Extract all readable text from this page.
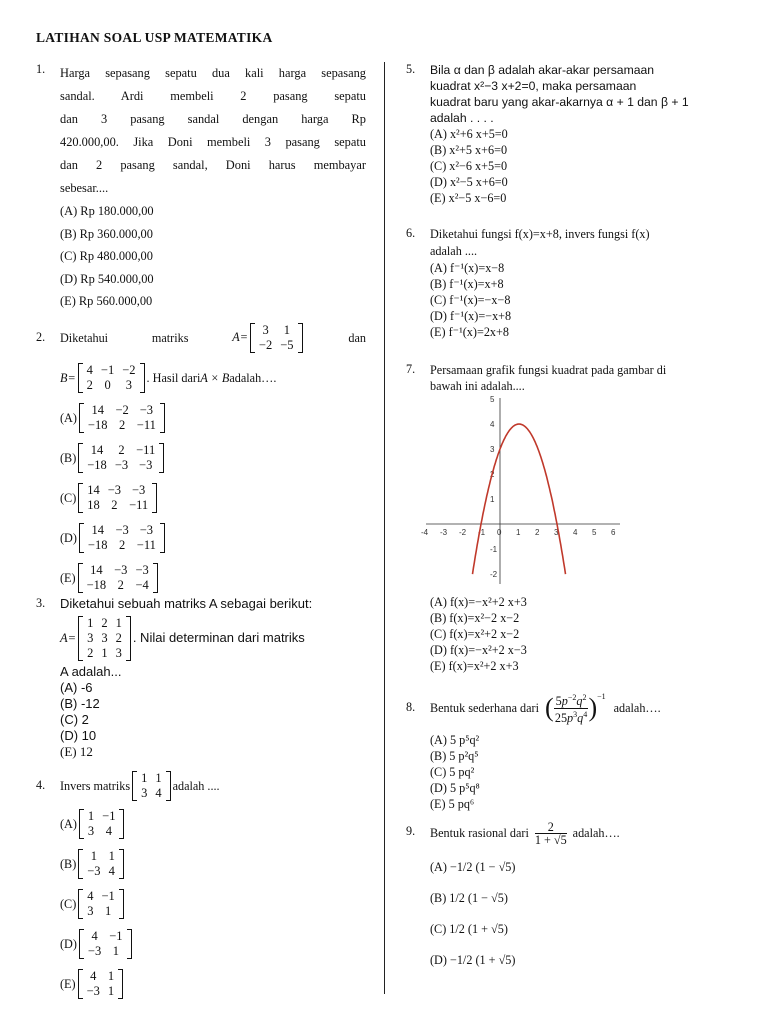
LATIHAN SOAL USP MATEMATIKA
1. Harga sepasang sepatu dua kali harga sepasang
sandal. Ardi membeli 2 pasang sepatu
dan 3 pasang sandal dengan harga Rp
420.000,00. Jika Doni membeli 3 pasang sepatu
dan 2 pasang sandal, Doni harus membayar
sebesar....
(A) Rp 180.000,00
(B) Rp 360.000,00
(C) Rp 480.000,00
(D) Rp 540.000,00
(E) Rp 560.000,00
2. Diketahui	matriks	A= 3	1
−2	−5
dan
B=
4	−1	−2
2	0	3
. Hasil dari A × B adalah….
(A)
14	−2	−3
−18	2	−11
(B)
14	2	−11
−18	−3	−3
(C)
14	−3	−3
18	2	−11
(D)
14	−3	−3
−18	2	−11
(E)
14	−3	−3
−18	2	−4
3. Diketahui sebuah matriks A sebagai berikut:
A=
1	2	1
3	3	2
2	1	3
. Nilai determinan dari matriks
A adalah...
(A) -6
(B) -12
(C) 2
(D) 10
(E) 12
4. Invers matriks
1	1
3	4
adalah ....
(A)
1	−1
3	4
(B)
1	1
−3	4
(C)
4	−1
3	1
(D)
4	−1
−3	1
(E)
4	1
−3	1
5. Bila α dan β adalah akar-akar persamaan
kuadrat x²−3 x+2=0, maka persamaan
kuadrat baru yang akar-akarnya α + 1 dan β + 1
adalah . . . .
(A) x²+6 x+5=0
(B) x²+5 x+6=0
(C) x²−6 x+5=0
(D) x²−5 x+6=0
(E) x²−5 x−6=0
6. Diketahui fungsi f(x)=x+8, invers fungsi f(x)
adalah ....
(A) f⁻¹(x)=x−8
(B) f⁻¹(x)=x+8
(C) f⁻¹(x)=−x−8
(D) f⁻¹(x)=−x+8
(E) f⁻¹(x)=2x+8
7. Persamaan grafik fungsi kuadrat pada gambar di
bawah ini adalah....
-4 -3 -2 -1 0 1 2 3 4 5 6
5
4
3
2
1
-1
-2
(A) f(x)=−x²+2 x+3
(B) f(x)=x²−2 x−2
(C) f(x)=x²+2 x−2
(D) f(x)=−x²+2 x−3
(E) f(x)=x²+2 x+3
8. Bentuk sederhana dari ( $\frac{5p^{-2}q^2}{25p^3q^4} )^{-1}$
adalah….
(A) 5 p⁵q²
(B) 5 p²q⁵
(C) 5 pq²
(D) 5 p⁵q⁸
(E) 5 pq⁶
9. Bentuk rasional dari $\frac{2}{1 + √5}$ adalah….
(A) −1/2 (1 − √5)
(B) 1/2 (1 − √5)
(C) 1/2 (1 + √5)
(D) −1/2 (1 + √5)
